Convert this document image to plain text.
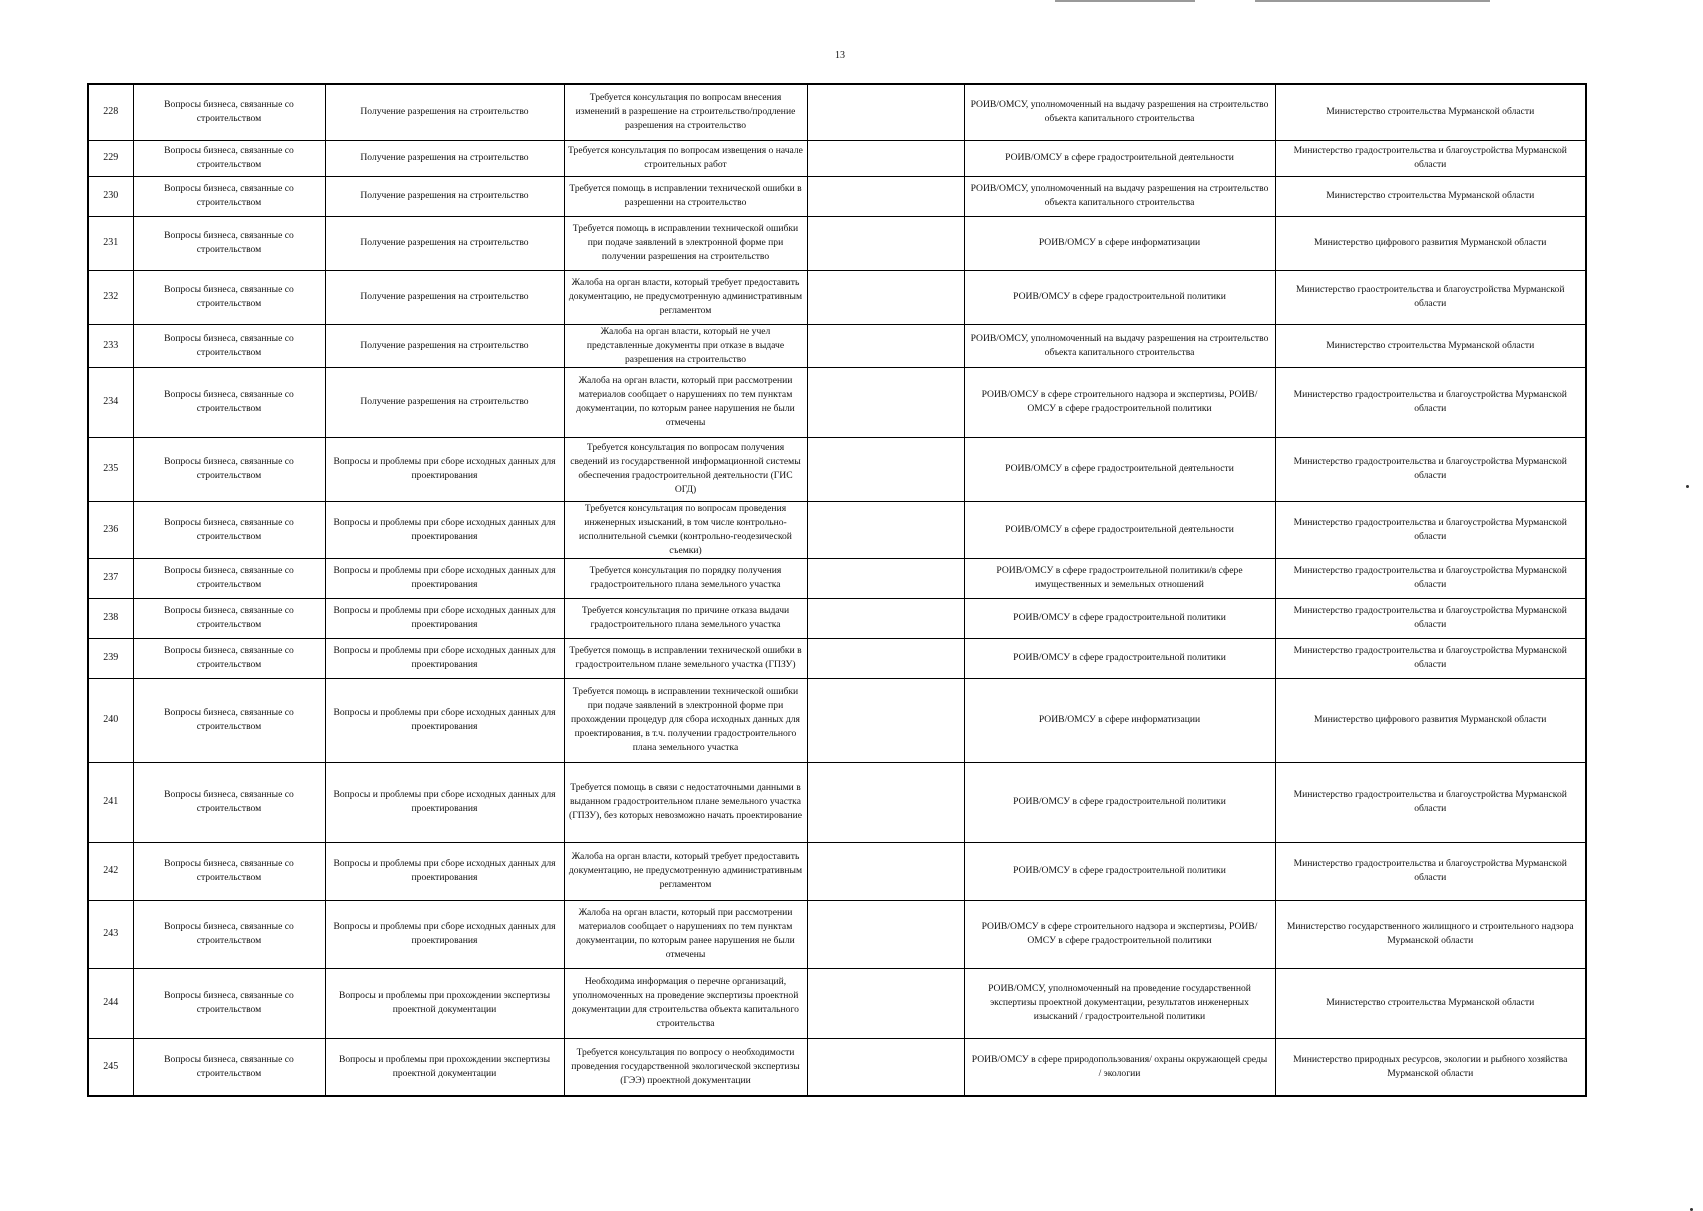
13
228	Вопросы бизнеса, связанные со строительством	Получение разрешения на строительство	Требуется консультация по вопросам внесения изменений в разрешение на строительство/продление разрешения на строительство		РОИВ/ОМСУ, уполномоченный на выдачу разрешения на строительство объекта капитального строительства	Министерство строительства Мурманской области
229	Вопросы бизнеса, связанные со строительством	Получение разрешения на строительство	Требуется консультация по вопросам извещения о начале строительных работ		РОИВ/ОМСУ в сфере градостроительной деятельности	Министерство градостроительства и благоустройства Мурманской области
230	Вопросы бизнеса, связанные со строительством	Получение разрешения на строительство	Требуется помощь в исправлении технической ошибки в разрешенни на строительство		РОИВ/ОМСУ, уполномоченный на выдачу разрешения на строительство объекта капитального строительства	Министерство строительства Мурманской области
231	Вопросы бизнеса, связанные со строительством	Получение разрешения на строительство	Требуется помощь в исправлении технической ошибки при подаче заявлений в электронной форме при получении разрешения на строительство		РОИВ/ОМСУ в сфере информатизации	Министерство цифрового развития Мурманской области
232	Вопросы бизнеса, связанные со строительством	Получение разрешения на строительство	Жалоба на орган власти, который требует предоставить документацию, не предусмотренную административным регламентом		РОИВ/ОМСУ в сфере градостроительной политики	Министерство граостроительства и благоустройства Мурманской области
233	Вопросы бизнеса, связанные со строительством	Получение разрешения на строительство	Жалоба на орган власти, который не учел представленные документы при отказе в выдаче разрешения на строительство		РОИВ/ОМСУ, уполномоченный на выдачу разрешения на строительство объекта капитального строительства	Министерство строительства Мурманской области
234	Вопросы бизнеса, связанные со строительством	Получение разрешения на строительство	Жалоба на орган власти, который при рассмотрении материалов сообщает о нарушениях по тем пунктам документации, по которым ранее нарушения не были отмечены		РОИВ/ОМСУ в сфере строительного надзора и экспертизы, РОИВ/ОМСУ в сфере градостроительной политики	Министерство градостроительства и благоустройства Мурманской области
235	Вопросы бизнеса, связанные со строительством	Вопросы и проблемы при сборе исходных данных для проектирования	Требуется консультация по вопросам получения сведений из государственной информационной системы обеспечения градостроительной деятельности (ГИС ОГД)		РОИВ/ОМСУ в сфере градостроительной деятельности	Министерство градостроительства и благоустройства Мурманской области
236	Вопросы бизнеса, связанные со строительством	Вопросы и проблемы при сборе исходных данных для проектирования	Требуется консультация по вопросам проведения инженерных изысканий, в том числе контрольно-исполнительной съемки (контрольно-геодезической съемки)		РОИВ/ОМСУ в сфере градостроительной деятельности	Министерство градостроительства и благоустройства Мурманской области
237	Вопросы бизнеса, связанные со строительством	Вопросы и проблемы при сборе исходных данных для проектирования	Требуется консультация по порядку получения градостроительного плана земельного участка		РОИВ/ОМСУ в сфере градостроительной политики/в сфере имущественных и земельных отношений	Министерство градостроительства и благоустройства Мурманской области
238	Вопросы бизнеса, связанные со строительством	Вопросы и проблемы при сборе исходных данных для проектирования	Требуется консультация по причине отказа выдачи градостроительного плана земельного участка		РОИВ/ОМСУ в сфере градостроительной политики	Министерство градостроительства и благоустройства Мурманской области
239	Вопросы бизнеса, связанные со строительством	Вопросы и проблемы при сборе исходных данных для проектирования	Требуется помощь в исправлении технической ошибки в градостроительном плане земельного участка (ГПЗУ)		РОИВ/ОМСУ в сфере градостроительной политики	Министерство градостроительства и благоустройства Мурманской области
240	Вопросы бизнеса, связанные со строительством	Вопросы и проблемы при сборе исходных данных для проектирования	Требуется помощь в исправлении технической ошибки при подаче заявлений в электронной форме при прохождении процедур для сбора исходных данных для проектирования, в т.ч. получении градостроительного плана земельного участка		РОИВ/ОМСУ в сфере информатизации	Министерство цифрового развития Мурманской области
241	Вопросы бизнеса, связанные со строительством	Вопросы и проблемы при сборе исходных данных для проектирования	Требуется помощь в связи с недостаточными данными в выданном градостроительном плане земельного участка (ГПЗУ), без которых невозможно начать проектирование		РОИВ/ОМСУ в сфере градостроительной политики	Министерство градостроительства и благоустройства Мурманской области
242	Вопросы бизнеса, связанные со строительством	Вопросы и проблемы при сборе исходных данных для проектирования	Жалоба на орган власти, который требует предоставить документацию, не предусмотренную административным регламентом		РОИВ/ОМСУ в сфере градостроительной политики	Министерство градостроительства и благоустройства Мурманской области
243	Вопросы бизнеса, связанные со строительством	Вопросы и проблемы при сборе исходных данных для проектирования	Жалоба на орган власти, который при рассмотрении материалов сообщает о нарушениях по тем пунктам документации, по которым ранее нарушения не были отмечены		РОИВ/ОМСУ в сфере строительного надзора и экспертизы, РОИВ/ОМСУ в сфере градостроительной политики	Министерство государственного жилищного и строительного надзора Мурманской области
244	Вопросы бизнеса, связанные со строительством	Вопросы и проблемы при прохождении экспертизы проектной документации	Необходима информация о перечне организаций, уполномоченных на проведение экспертизы проектной документации для строительства объекта капитального строительства		РОИВ/ОМСУ, уполномоченный на проведение государственной экспертизы проектной документации, результатов инженерных изысканий / градостроительной политики	Министерство строительства Мурманской области
245	Вопросы бизнеса, связанные со строительством	Вопросы и проблемы при прохождении экспертизы проектной документации	Требуется консультация по вопросу о необходимости проведения государственной экологической экспертизы (ГЭЭ) проектной документации		РОИВ/ОМСУ в сфере природопользования/ охраны окружающей среды / экологии	Министерство природных ресурсов, экологии и рыбного хозяйства Мурманской области
